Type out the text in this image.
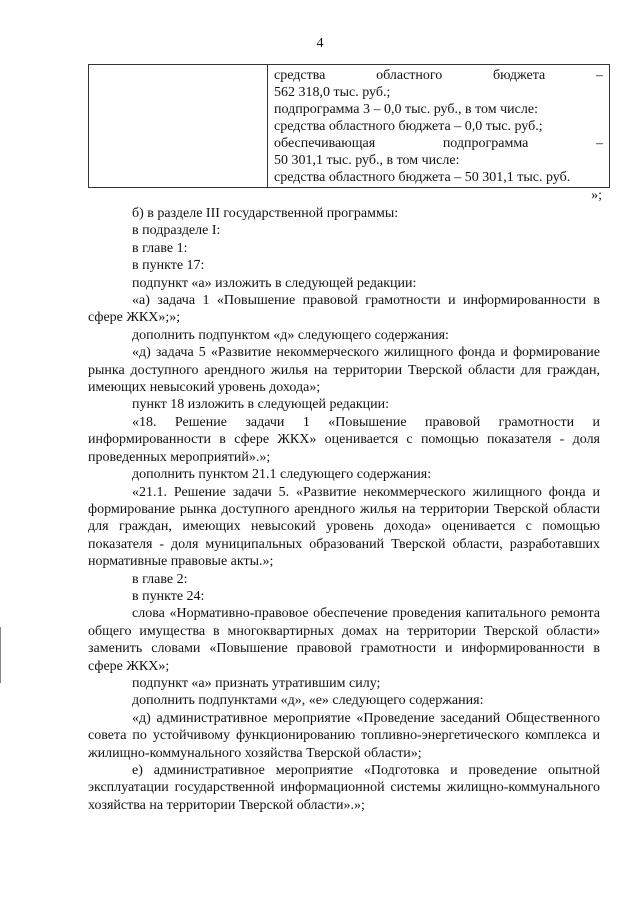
4

средства областного бюджета –
562 318,0 тыс. руб.;
подпрограмма 3 – 0,0 тыс. руб., в том числе:
средства областного бюджета – 0,0 тыс. руб.;
обеспечивающая подпрограмма –
50 301,1 тыс. руб., в том числе:
средства областного бюджета – 50 301,1 тыс. руб.
»;

б) в разделе III государственной программы:

в подразделе I:

в главе 1:

в пункте 17:

подпункт «а» изложить в следующей редакции:

«а) задача 1 «Повышение правовой грамотности и информированности в сфере ЖКХ»;»;

дополнить подпунктом «д» следующего содержания:

«д) задача 5 «Развитие некоммерческого жилищного фонда и формирование рынка доступного арендного жилья на территории Тверской области для граждан, имеющих невысокий уровень дохода»;

пункт 18 изложить в следующей редакции:

«18. Решение задачи 1 «Повышение правовой грамотности и информированности в сфере ЖКХ» оценивается с помощью показателя - доля проведенных мероприятий».»;

дополнить пунктом 21.1 следующего содержания:

«21.1. Решение задачи 5. «Развитие некоммерческого жилищного фонда и формирование рынка доступного арендного жилья на территории Тверской области для граждан, имеющих невысокий уровень дохода» оценивается с помощью показателя - доля муниципальных образований Тверской области, разработавших нормативные правовые акты.»;

в главе 2:

в пункте 24:

слова «Нормативно-правовое обеспечение проведения капитального ремонта общего имущества в многоквартирных домах на территории Тверской области» заменить словами «Повышение правовой грамотности и информированности в сфере ЖКХ»;

подпункт «а» признать утратившим силу;

дополнить подпунктами «д», «е» следующего содержания:

«д) административное мероприятие «Проведение заседаний Общественного совета по устойчивому функционированию топливно-энергетического комплекса и жилищно-коммунального хозяйства Тверской области»;

е) административное мероприятие «Подготовка и проведение опытной эксплуатации государственной информационной системы жилищно-коммунального хозяйства на территории Тверской области».»;
